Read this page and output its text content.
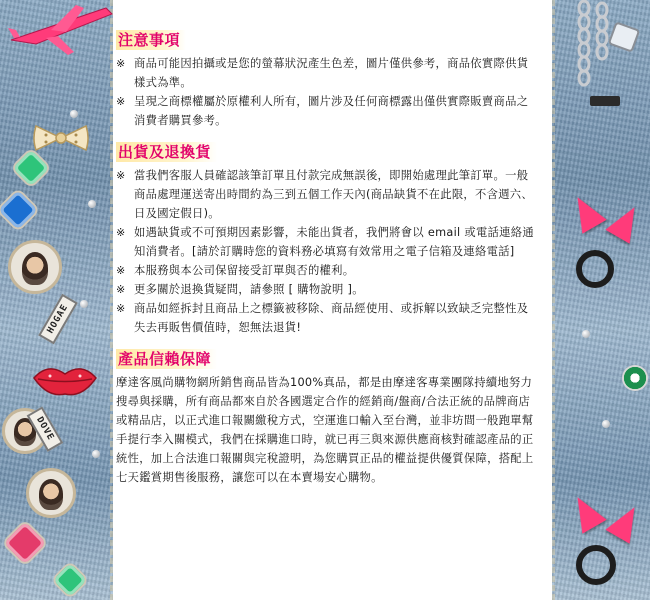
HOGAE
DOVE
注意事項
※ 商品可能因拍攝或是您的螢幕狀況產生色差，圖片僅供參考，商品依實際供貨樣式為準。
※ 呈現之商標權屬於原權利人所有，圖片涉及任何商標露出僅供實際販賣商品之消費者購買參考。
出貨及退換貨
※ 當我們客服人員確認該筆訂單且付款完成無誤後，即開始處理此筆訂單。一般商品處理運送寄出時間約為三到五個工作天內(商品缺貨不在此限，不含週六、日及國定假日)。
※ 如遇缺貨或不可預期因素影響，未能出貨者，我們將會以 email 或電話連絡通知消費者。[請於訂購時您的資料務必填寫有效常用之電子信箱及連絡電話]
※ 本服務與本公司保留接受訂單與否的權利。
※ 更多關於退換貨疑問，請參照 [ 購物說明 ]。
※ 商品如經拆封且商品上之標籤被移除、商品經使用、或拆解以致缺乏完整性及失去再販售價值時，恕無法退貨!
產品信賴保障

摩達客風尚購物網所銷售商品皆為100%真品，都是由摩達客專業團隊持續地努力搜尋與採購，所有商品都來自於各國選定合作的經銷商/盤商/合法正統的品牌商店或精品店，以正式進口報關繳稅方式，空運進口輸入至台灣，並非坊間一般跑單幫手提行李入關模式，我們在採購進口時，就已再三與來源供應商核對確認產品的正統性，加上合法進口報關與完稅證明，為您購買正品的權益提供優質保障，搭配上七天鑑賞期售後服務，讓您可以在本賣場安心購物。
